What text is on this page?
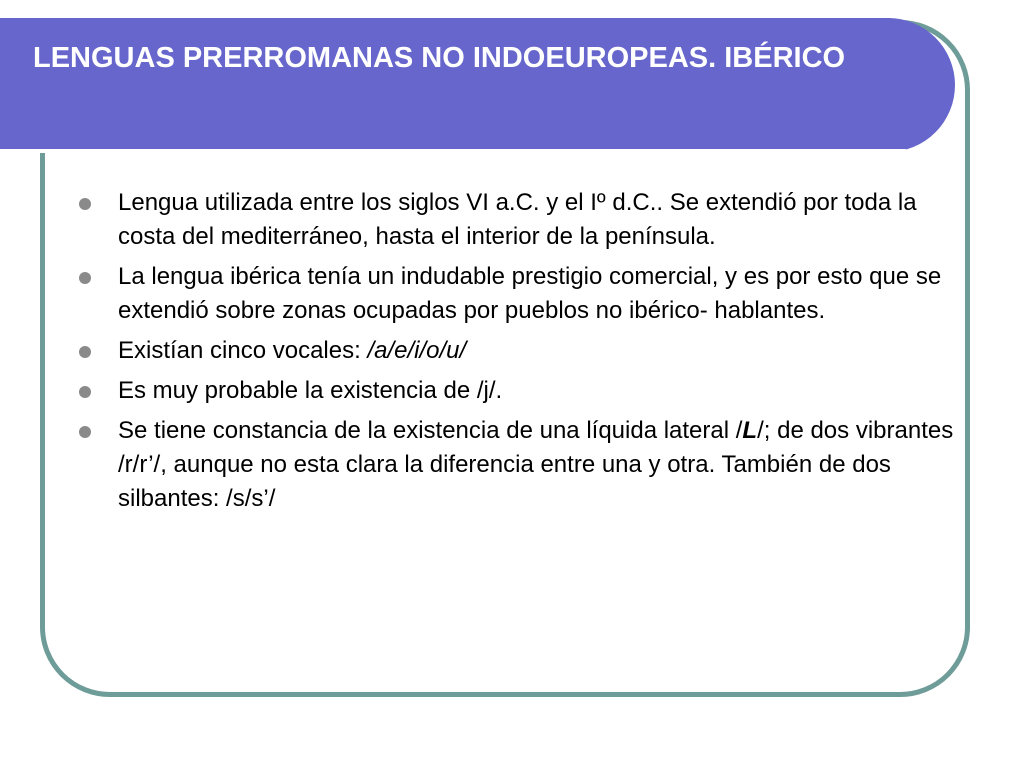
LENGUAS PRERROMANAS NO INDOEUROPEAS. IBÉRICO
Lengua utilizada entre los siglos VI a.C. y el Iº d.C.. Se extendió por toda la costa del mediterráneo, hasta el interior de la península.
La lengua ibérica tenía un indudable prestigio comercial, y es por esto que se extendió sobre zonas ocupadas por pueblos no ibérico- hablantes.
Existían cinco vocales: /a/e/i/o/u/
Es muy probable la existencia de /j/.
Se tiene constancia de la existencia de una líquida lateral /L/; de dos vibrantes /r/r’/, aunque no esta clara la diferencia entre una y otra. También de dos silbantes: /s/s’/
